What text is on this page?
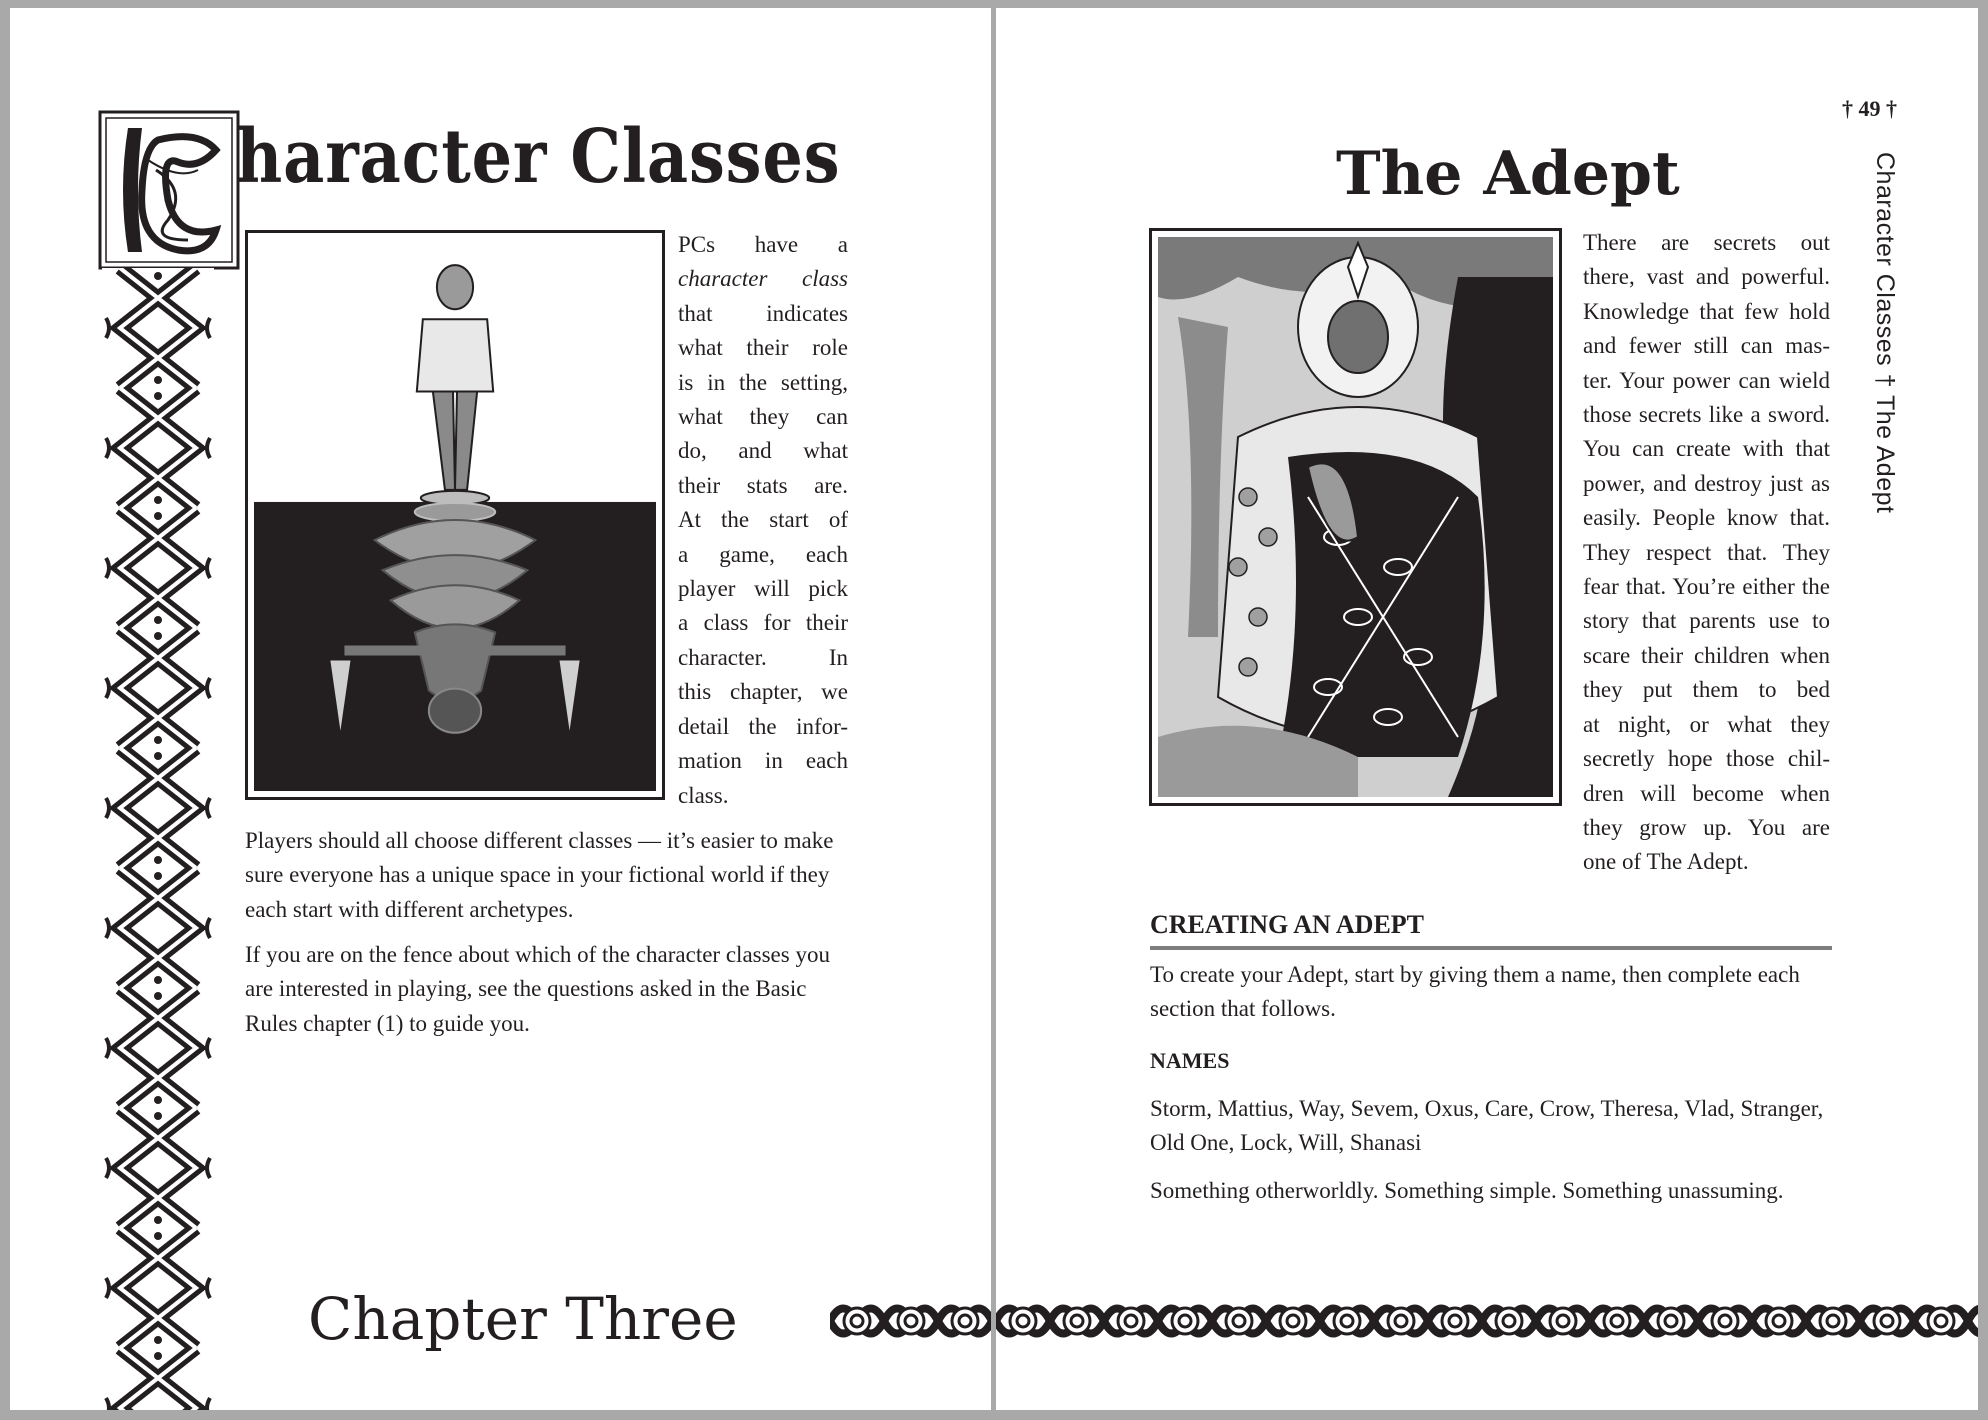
haracter Classes

PCs have a
character class
that indicates
what their role
is in the setting,
what they can
do, and what
their stats are.
At the start of
a game, each
player will pick
a class for their
character. In
this chapter, we
detail the infor-
mation in each
class.

Players should all choose different classes — it’s easier to make sure everyone has a unique space in your fictional world if they each start with different archetypes.

If you are on the fence about which of the character classes you are interested in playing, see the questions asked in the Basic Rules chapter (1) to guide you.

Chapter Three

† 49 †

Character Classes † The Adept

The Adept

There are secrets out
there, vast and powerful.
Knowledge that few hold
and fewer still can mas-
ter. Your power can wield
those secrets like a sword.
You can create with that
power, and destroy just as
easily. People know that.
They respect that. They
fear that. You’re either the
story that parents use to
scare their children when
they put them to bed
at night, or what they
secretly hope those chil-
dren will become when
they grow up. You are
one of The Adept.

CREATING AN ADEPT

To create your Adept, start by giving them a name, then complete each section that follows.

NAMES

Storm, Mattius, Way, Sevem, Oxus, Care, Crow, Theresa, Vlad, Stranger, Old One, Lock, Will, Shanasi

Something otherworldly. Something simple. Something unassuming.
